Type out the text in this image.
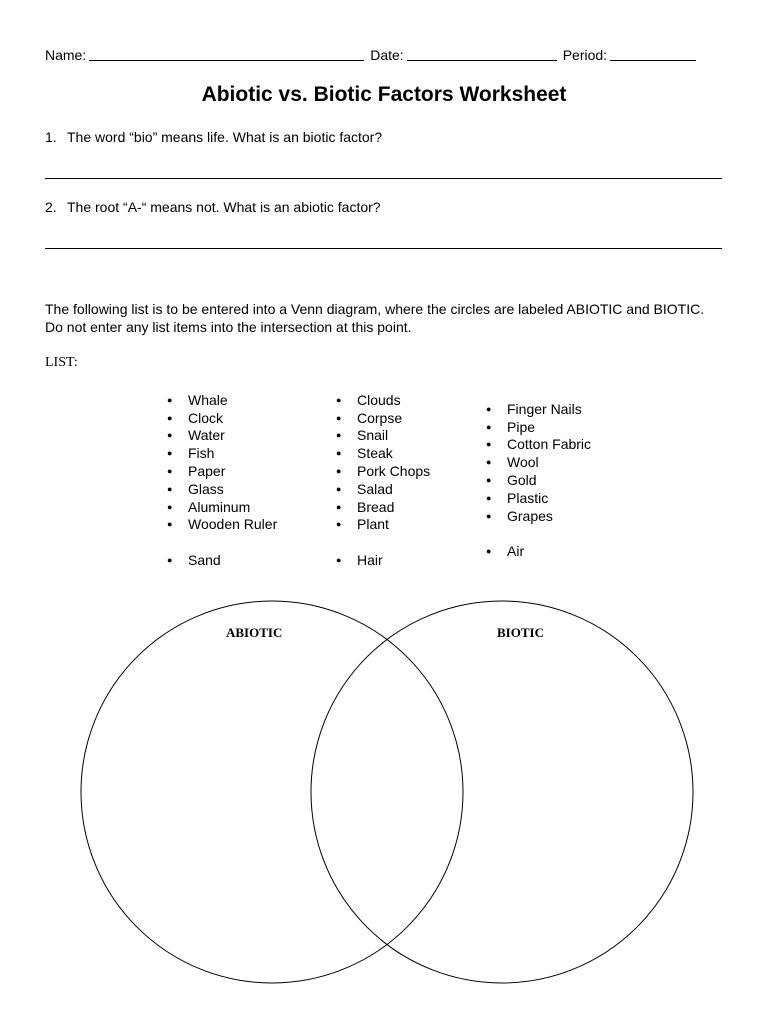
Name:	Date:	Period:
Abiotic vs. Biotic Factors Worksheet
1. The word “bio” means life. What is an biotic factor?
2. The root “A-“ means not. What is an abiotic factor?

The following list is to be entered into a Venn diagram, where the circles are labeled ABIOTIC and BIOTIC. Do not enter any list items into the intersection at this point.

LIST:
●	Whale
●	Clock
●	Water
●	Fish
●	Paper
●	Glass
●	Aluminum
●	Wooden Ruler
●	Clouds
●	Corpse
●	Snail
●	Steak
●	Pork Chops
●	Salad
●	Bread
●	Plant
●	Finger Nails
●	Pipe
●	Cotton Fabric
●	Wool
●	Gold
●	Plastic
●	Grapes
●	Sand	●	Hair
●	Air
ABIOTIC	BIOTIC
